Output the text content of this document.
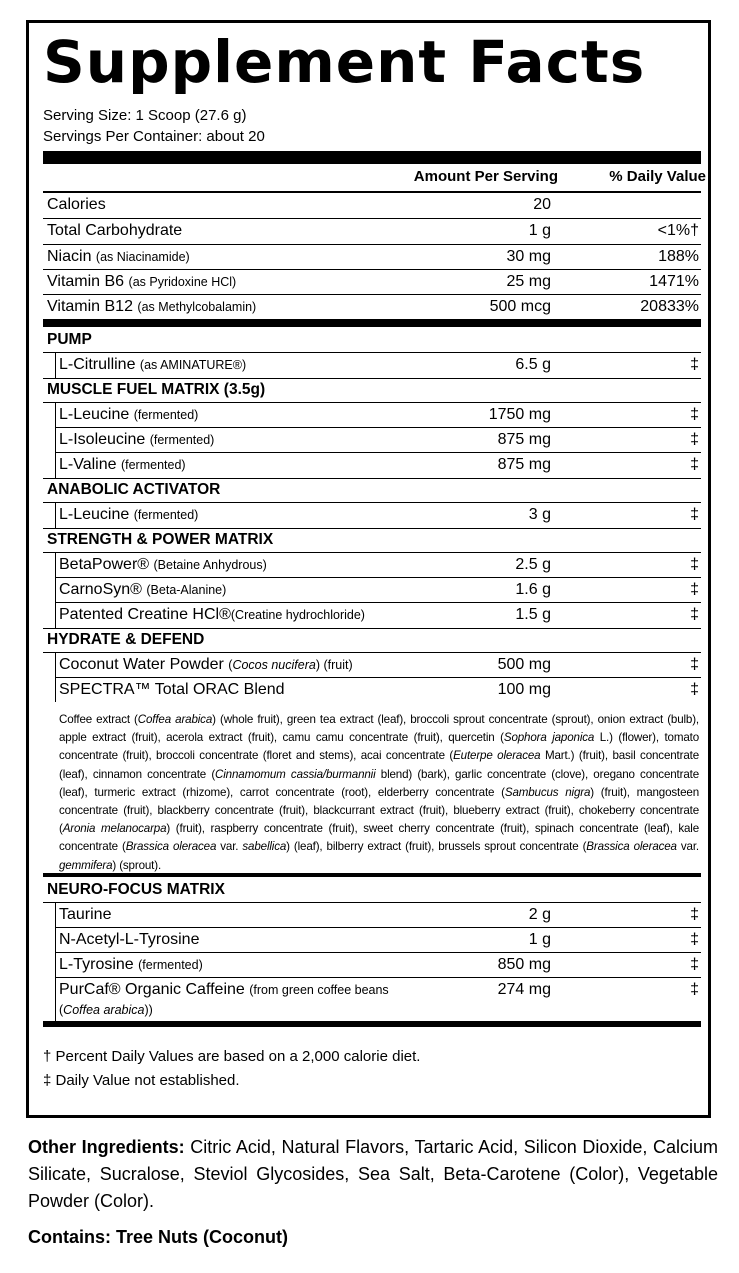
Supplement Facts
Serving Size: 1 Scoop (27.6 g)
Servings Per Container: about 20
Amount Per Serving	% Daily Value
Calories	20
Total Carbohydrate	1 g	<1%†
Niacin (as Niacinamide)	30 mg	188%
Vitamin B6 (as Pyridoxine HCl)	25 mg	1471%
Vitamin B12 (as Methylcobalamin)	500 mcg	20833%
PUMP
L-Citrulline (as AMINATURE®)	6.5 g	‡
MUSCLE FUEL MATRIX (3.5g)
L-Leucine (fermented)	1750 mg	‡
L-Isoleucine (fermented)	875 mg	‡
L-Valine (fermented)	875 mg	‡
ANABOLIC ACTIVATOR
L-Leucine (fermented)	3 g	‡
STRENGTH & POWER MATRIX
BetaPower® (Betaine Anhydrous)	2.5 g	‡
CarnoSyn® (Beta-Alanine)	1.6 g	‡
Patented Creatine HCl®(Creatine hydrochloride)	1.5 g	‡
HYDRATE & DEFEND
Coconut Water Powder (Cocos nucifera) (fruit)	500 mg	‡
SPECTRA™ Total ORAC Blend	100 mg	‡
Coffee extract (Coffea arabica) (whole fruit), green tea extract (leaf), broccoli sprout concentrate (sprout), onion extract (bulb), apple extract (fruit), acerola extract (fruit), camu camu concentrate (fruit), quercetin (Sophora japonica L.) (flower), tomato concentrate (fruit), broccoli concentrate (floret and stems), acai concentrate (Euterpe oleracea Mart.) (fruit), basil concentrate (leaf), cinnamon concentrate (Cinnamomum cassia/burmannii blend) (bark), garlic concentrate (clove), oregano concentrate (leaf), turmeric extract (rhizome), carrot concentrate (root), elderberry concentrate (Sambucus nigra) (fruit), mangosteen concentrate (fruit), blackberry concentrate (fruit), blackcurrant extract (fruit), blueberry extract (fruit), chokeberry concentrate (Aronia melanocarpa) (fruit), raspberry concentrate (fruit), sweet cherry concentrate (fruit), spinach concentrate (leaf), kale concentrate (Brassica oleracea var. sabellica) (leaf), bilberry extract (fruit), brussels sprout concentrate (Brassica oleracea var. gemmifera) (sprout).
NEURO-FOCUS MATRIX
Taurine	2 g	‡
N-Acetyl-L-Tyrosine	1 g	‡
L-Tyrosine (fermented)	850 mg	‡
PurCaf® Organic Caffeine (from green coffee beans
(Coffea arabica))
274 mg	‡
† Percent Daily Values are based on a 2,000 calorie diet.
‡ Daily Value not established.
Other Ingredients: Citric Acid, Natural Flavors, Tartaric Acid, Silicon Dioxide, Calcium Silicate, Sucralose, Steviol Glycosides, Sea Salt, Beta-Carotene (Color), Vegetable Powder (Color).
Contains: Tree Nuts (Coconut)
